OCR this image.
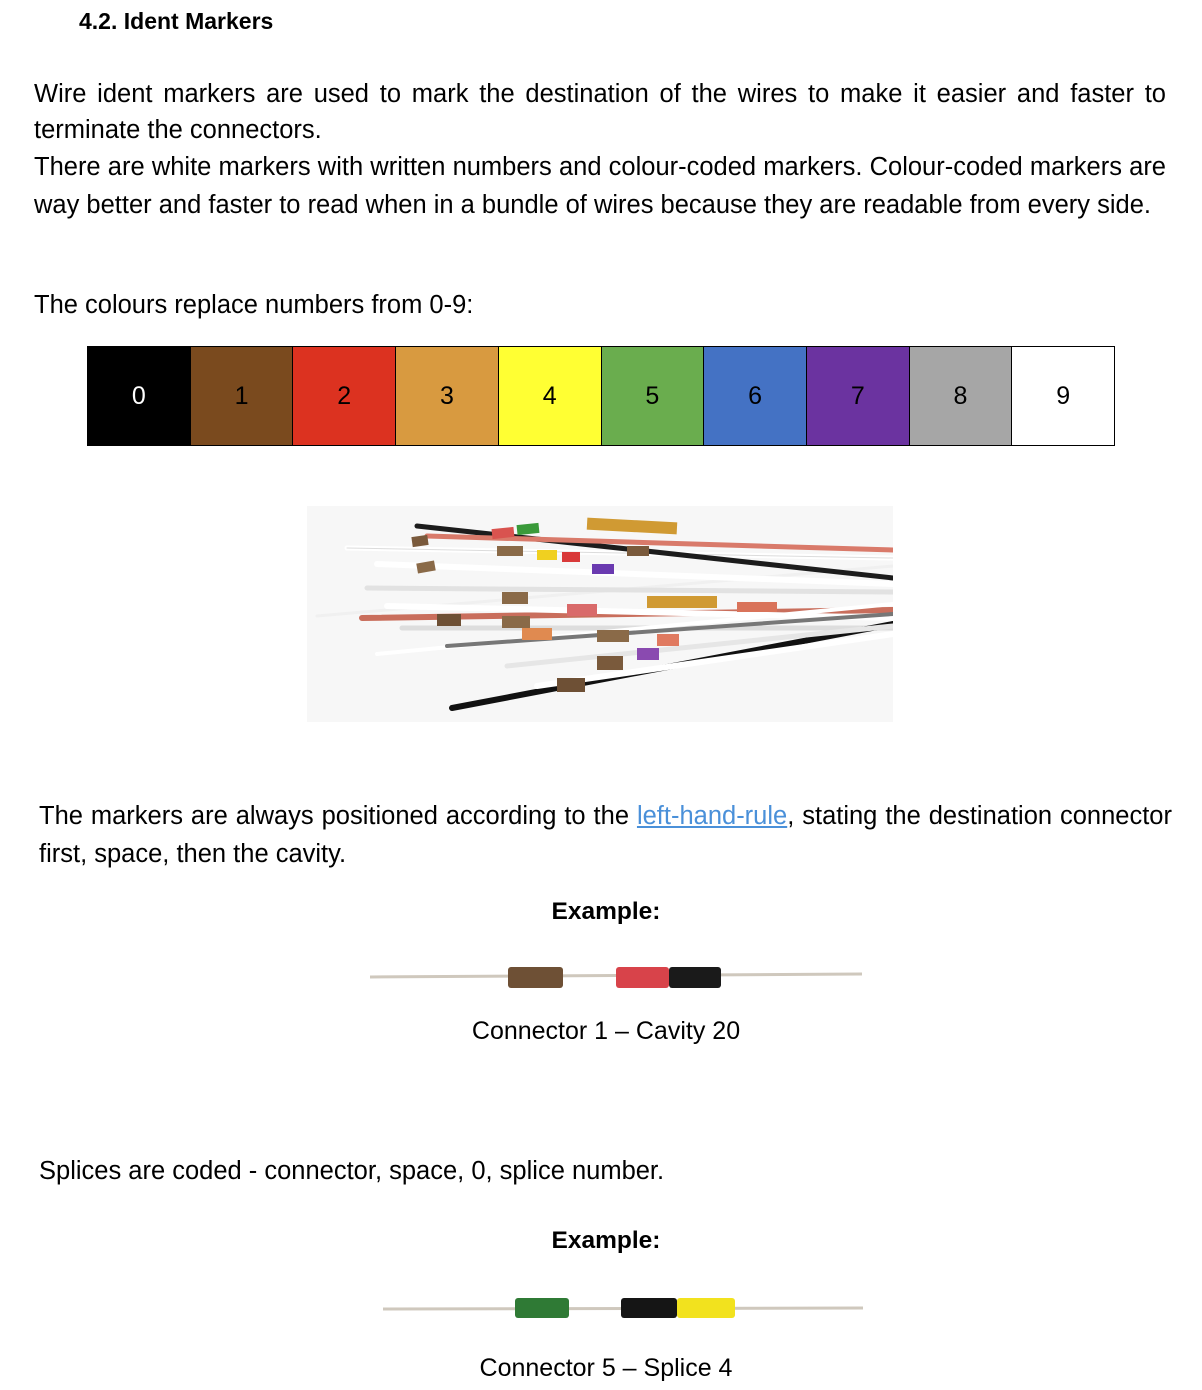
4.2. Ident Markers
Wire ident markers are used to mark the destination of the wires to make it easier and faster to terminate the connectors.
There are white markers with written numbers and colour-coded markers. Colour-coded markers are way better and faster to read when in a bundle of wires because they are readable from every side.
The colours replace numbers from 0-9:
0	1	2	3	4	5	6	7	8	9
The markers are always positioned according to the left-hand-rule, stating the destination connector first, space, then the cavity.
Example:
Connector 1 – Cavity 20
Splices are coded - connector, space, 0, splice number.
Example:
Connector 5 – Splice 4
